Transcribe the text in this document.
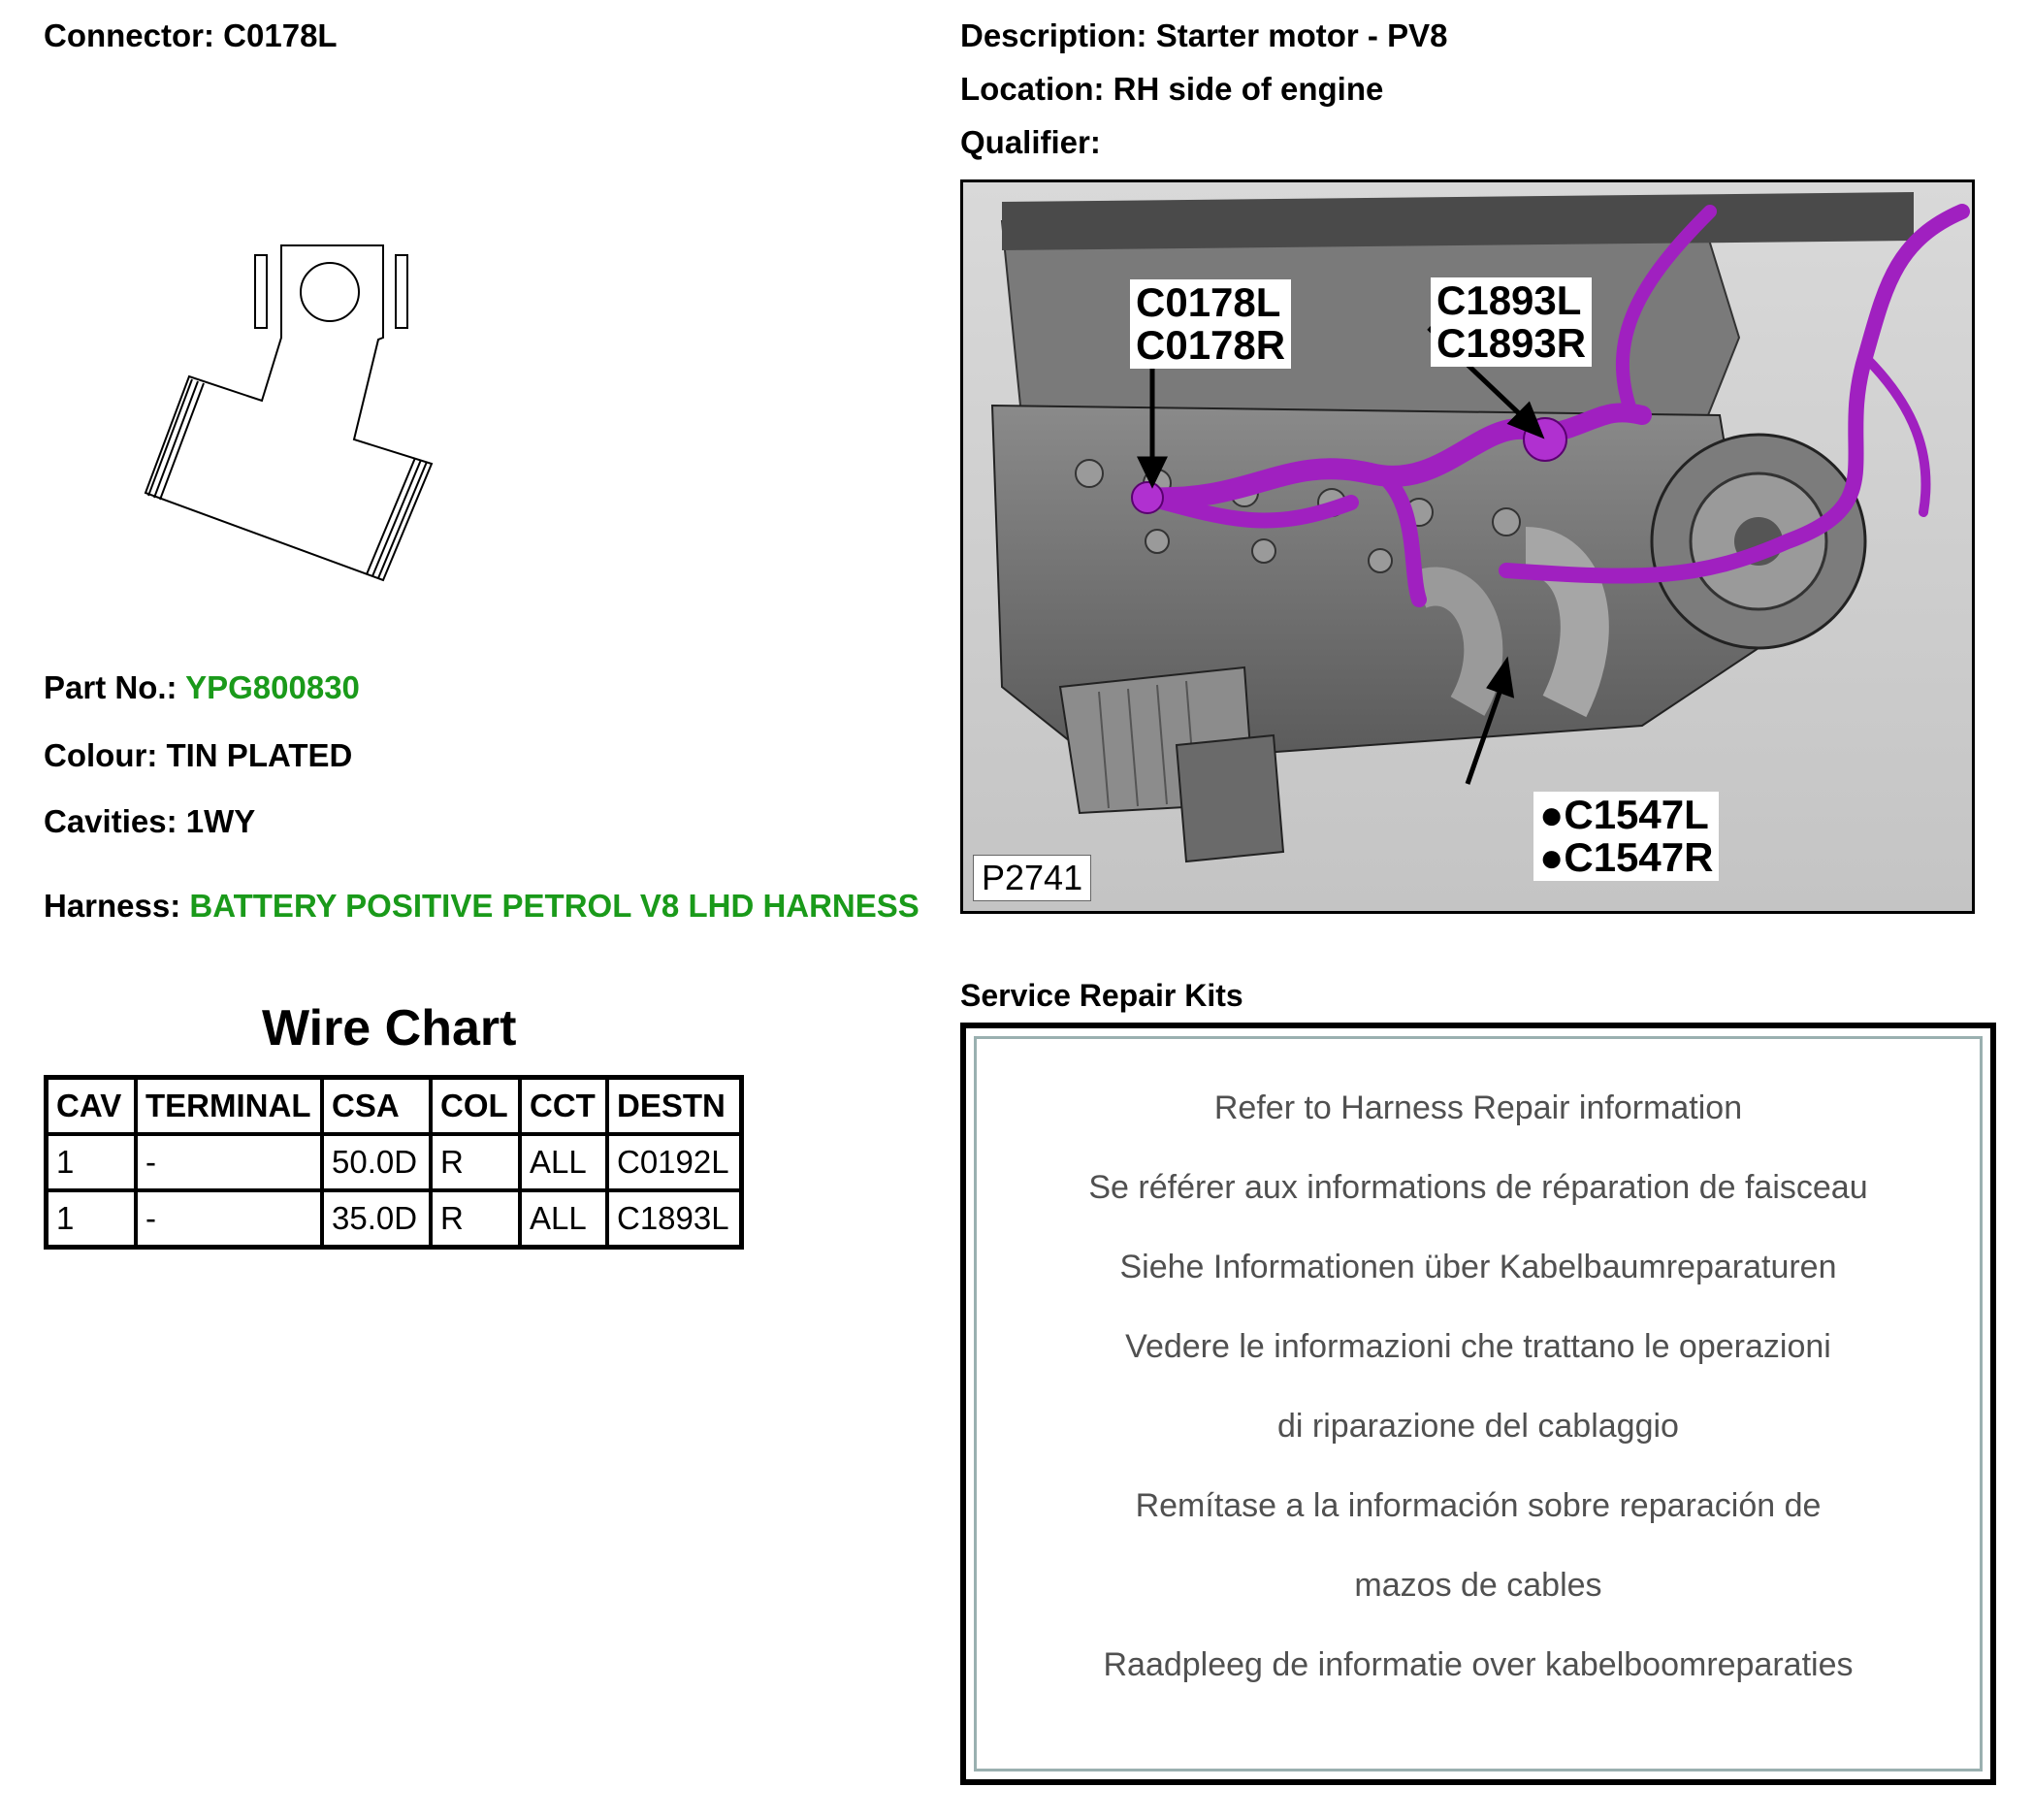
Connector: C0178L	Description: Starter motor - PV8
Location: RH side of engine
Qualifier:
Part No.: YPG800830
Colour: TIN PLATED
Cavities: 1WY
Harness: BATTERY POSITIVE PETROL V8 LHD HARNESS
Wire Chart
CAV	TERMINAL	CSA	COL	CCT	DESTN
1	-	50.0D	R	ALL	C0192L
1	-	35.0D	R	ALL	C1893L
C0178L
C0178R
C1893L
C1893R
●C1547L
●C1547R
P2741
Service Repair Kits
Refer to Harness Repair information
Se référer aux informations de réparation de faisceau
Siehe Informationen über Kabelbaumreparaturen
Vedere le informazioni che trattano le operazioni
di riparazione del cablaggio
Remítase a la información sobre reparación de
mazos de cables
Raadpleeg de informatie over kabelboomreparaties
